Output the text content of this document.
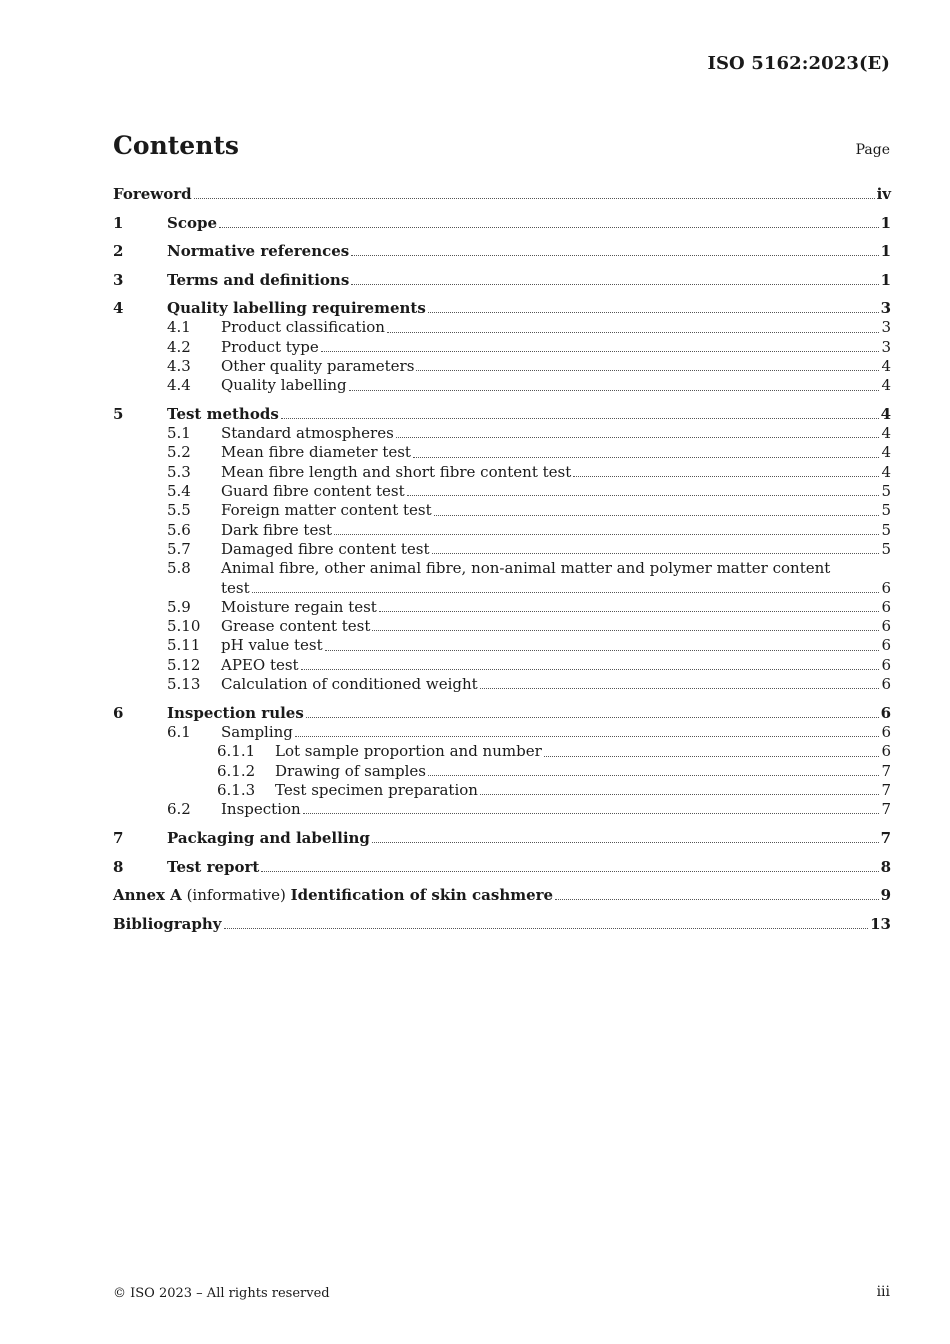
ISO 5162:2023(E)
Contents	Page
Foreword	iv
1	Scope	1
2	Normative references	1
3	Terms and definitions	1
4	Quality labelling requirements	3
4.1	Product classification	3
4.2	Product type	3
4.3	Other quality parameters	4
4.4	Quality labelling	4
5	Test methods	4
5.1	Standard atmospheres	4
5.2	Mean fibre diameter test	4
5.3	Mean fibre length and short fibre content test	4
5.4	Guard fibre content test	5
5.5	Foreign matter content test	5
5.6	Dark fibre test	5
5.7	Damaged fibre content test	5
5.8	Animal fibre, other animal fibre, non-animal matter and polymer matter content
test	6
5.9	Moisture regain test	6
5.10	Grease content test	6
5.11	pH value test	6
5.12	APEO test	6
5.13	Calculation of conditioned weight	6
6	Inspection rules	6
6.1	Sampling	6
6.1.1	Lot sample proportion and number	6
6.1.2	Drawing of samples	7
6.1.3	Test specimen preparation	7
6.2	Inspection	7
7	Packaging and labelling	7
8	Test report	8
Annex A (informative) Identification of skin cashmere	9
Bibliography	13
© ISO 2023 – All rights reserved	iii
